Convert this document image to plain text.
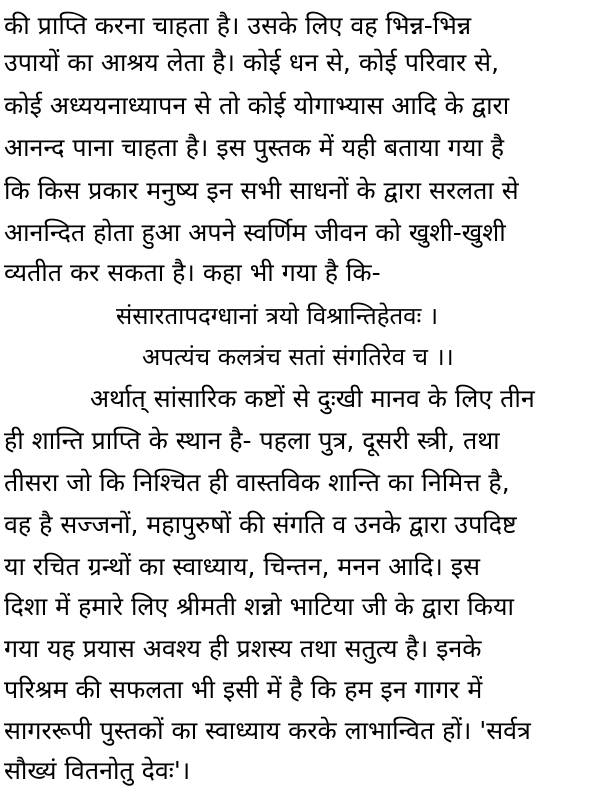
की प्राप्ति करना चाहता है। उसके लिए वह भिन्न-भिन्न
उपायों का आश्रय लेता है। कोई धन से, कोई परिवार से,
कोई अध्ययनाध्यापन से तो कोई योगाभ्यास आदि के द्वारा
आनन्द पाना चाहता है। इस पुस्तक में यही बताया गया है
कि किस प्रकार मनुष्य इन सभी साधनों के द्वारा सरलता से
आनन्दित होता हुआ अपने स्वर्णिम जीवन को खुशी-खुशी
व्यतीत कर सकता है। कहा भी गया है कि-
संसारतापदग्धानां त्रयो विश्रान्तिहेतवः ।
अपत्यंच कलत्रंच सतां संगतिरेव च ।।
अर्थात् सांसारिक कष्टों से दुःखी मानव के लिए तीन
ही शान्ति प्राप्ति के स्थान है- पहला पुत्र, दूसरी स्त्री, तथा
तीसरा जो कि निश्चित ही वास्तविक शान्ति का निमित्त है,
वह है सज्जनों, महापुरुषों की संगति व उनके द्वारा उपदिष्ट
या रचित ग्रन्थों का स्वाध्याय, चिन्तन, मनन आदि। इस
दिशा में हमारे लिए श्रीमती शन्नो भाटिया जी के द्वारा किया
गया यह प्रयास अवश्य ही प्रशस्य तथा सतुत्य है। इनके
परिश्रम की सफलता भी इसी में है कि हम इन गागर में
सागररूपी पुस्तकों का स्वाध्याय करके लाभान्वित हों। 'सर्वत्र
सौख्यं वितनोतु देवः'।
